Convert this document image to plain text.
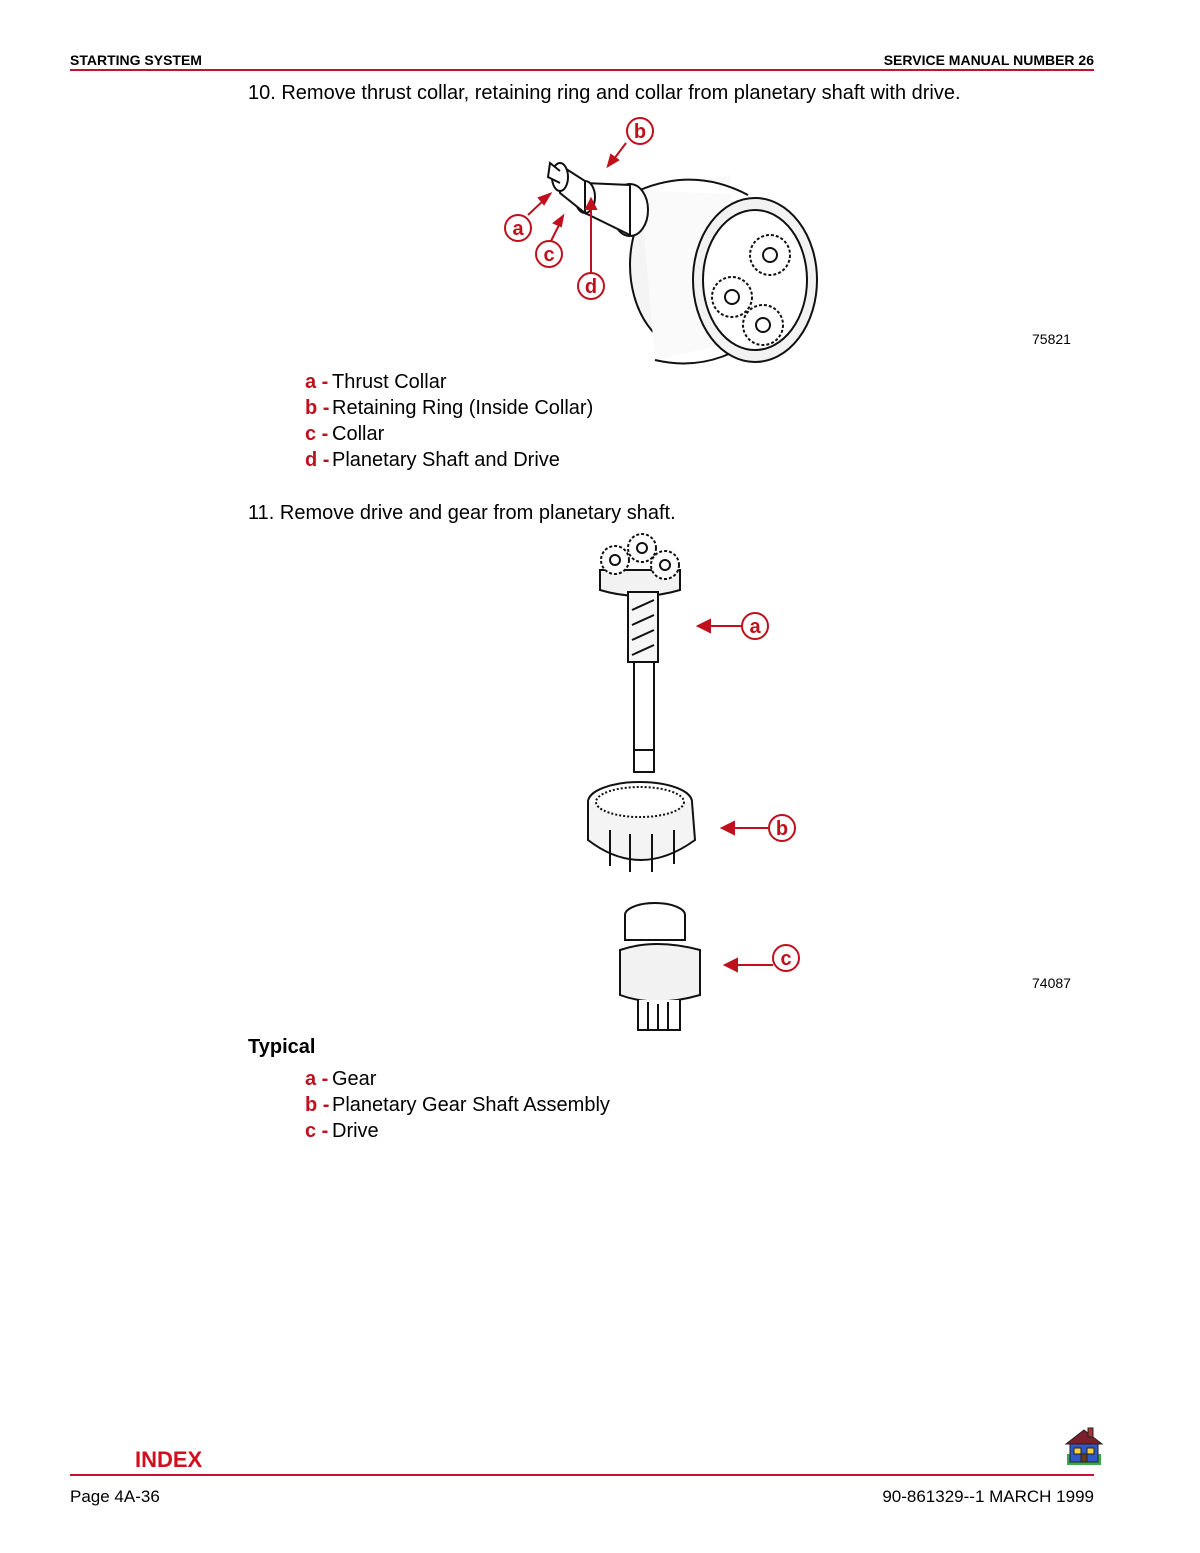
STARTING SYSTEM	SERVICE MANUAL NUMBER 26
10. Remove thrust collar, retaining ring and collar from planetary shaft with drive.
b
a
c
d
75821
a - Thrust Collar
b - Retaining Ring (Inside Collar)
c - Collar
d - Planetary Shaft and Drive
11. Remove drive and gear from planetary shaft.
a
b
c
74087
Typical
a - Gear
b - Planetary Gear Shaft Assembly
c - Drive
INDEX
Page 4A-36	90-861329--1 MARCH 1999
